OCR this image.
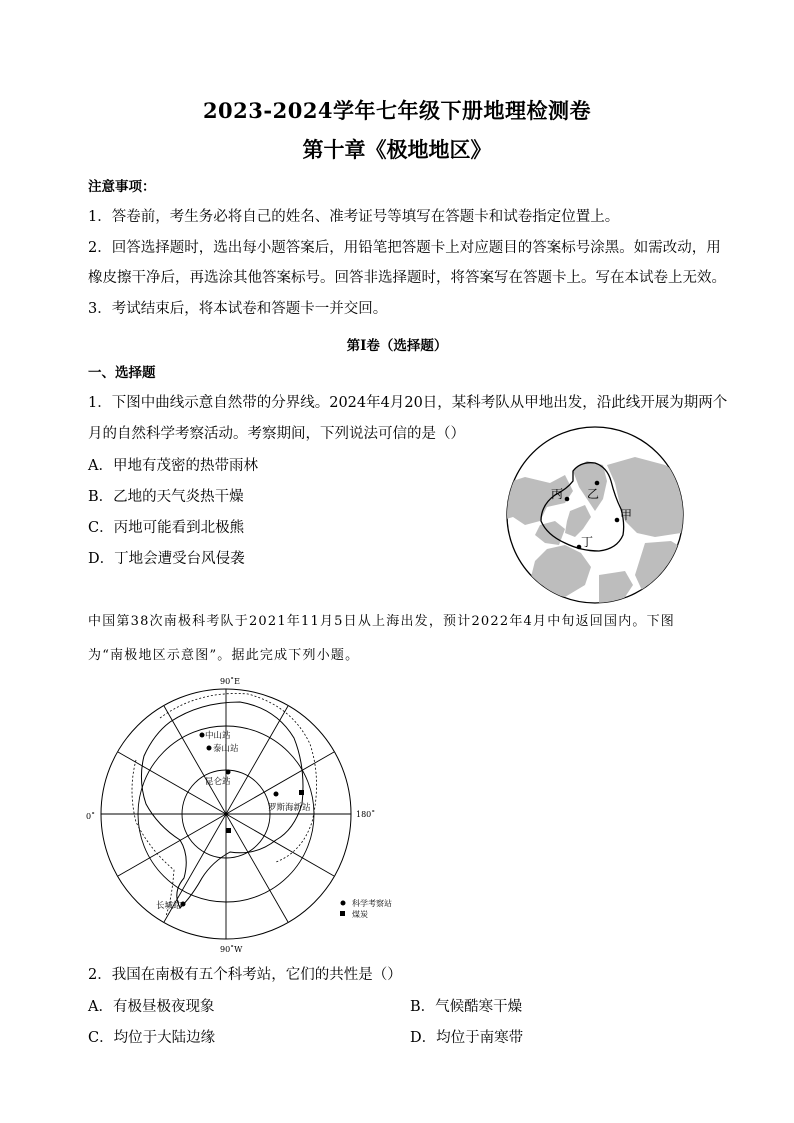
2023-2024学年七年级下册地理检测卷
第十章《极地地区》
注意事项：
1．答卷前，考生务必将自己的姓名、准考证号等填写在答题卡和试卷指定位置上。
2．回答选择题时，选出每小题答案后，用铅笔把答题卡上对应题目的答案标号涂黑。如需改动，用
橡皮擦干净后，再选涂其他答案标号。回答非选择题时，将答案写在答题卡上。写在本试卷上无效。
3．考试结束后，将本试卷和答题卡一并交回。
第I卷（选择题）
一、选择题
1．下图中曲线示意自然带的分界线。2024年4月20日，某科考队从甲地出发，沿此线开展为期两个
月的自然科学考察活动。考察期间，下列说法可信的是（）
A．甲地有茂密的热带雨林
B．乙地的天气炎热干燥
C．丙地可能看到北极熊
D．丁地会遭受台风侵袭
丙 乙
甲
丁
中国第38次南极科考队于2021年11月5日从上海出发，预计2022年4月中旬返回国内。下图
为“南极地区示意图”。据此完成下列小题。
90˚E
90˚W
0˚	180˚
中山站
泰山站
昆仑站
罗斯海新站
长城站	科学考察站
煤炭
2．我国在南极有五个科考站，它们的共性是（）
A．有极昼极夜现象	B．气候酷寒干燥
C．均位于大陆边缘	D．均位于南寒带
